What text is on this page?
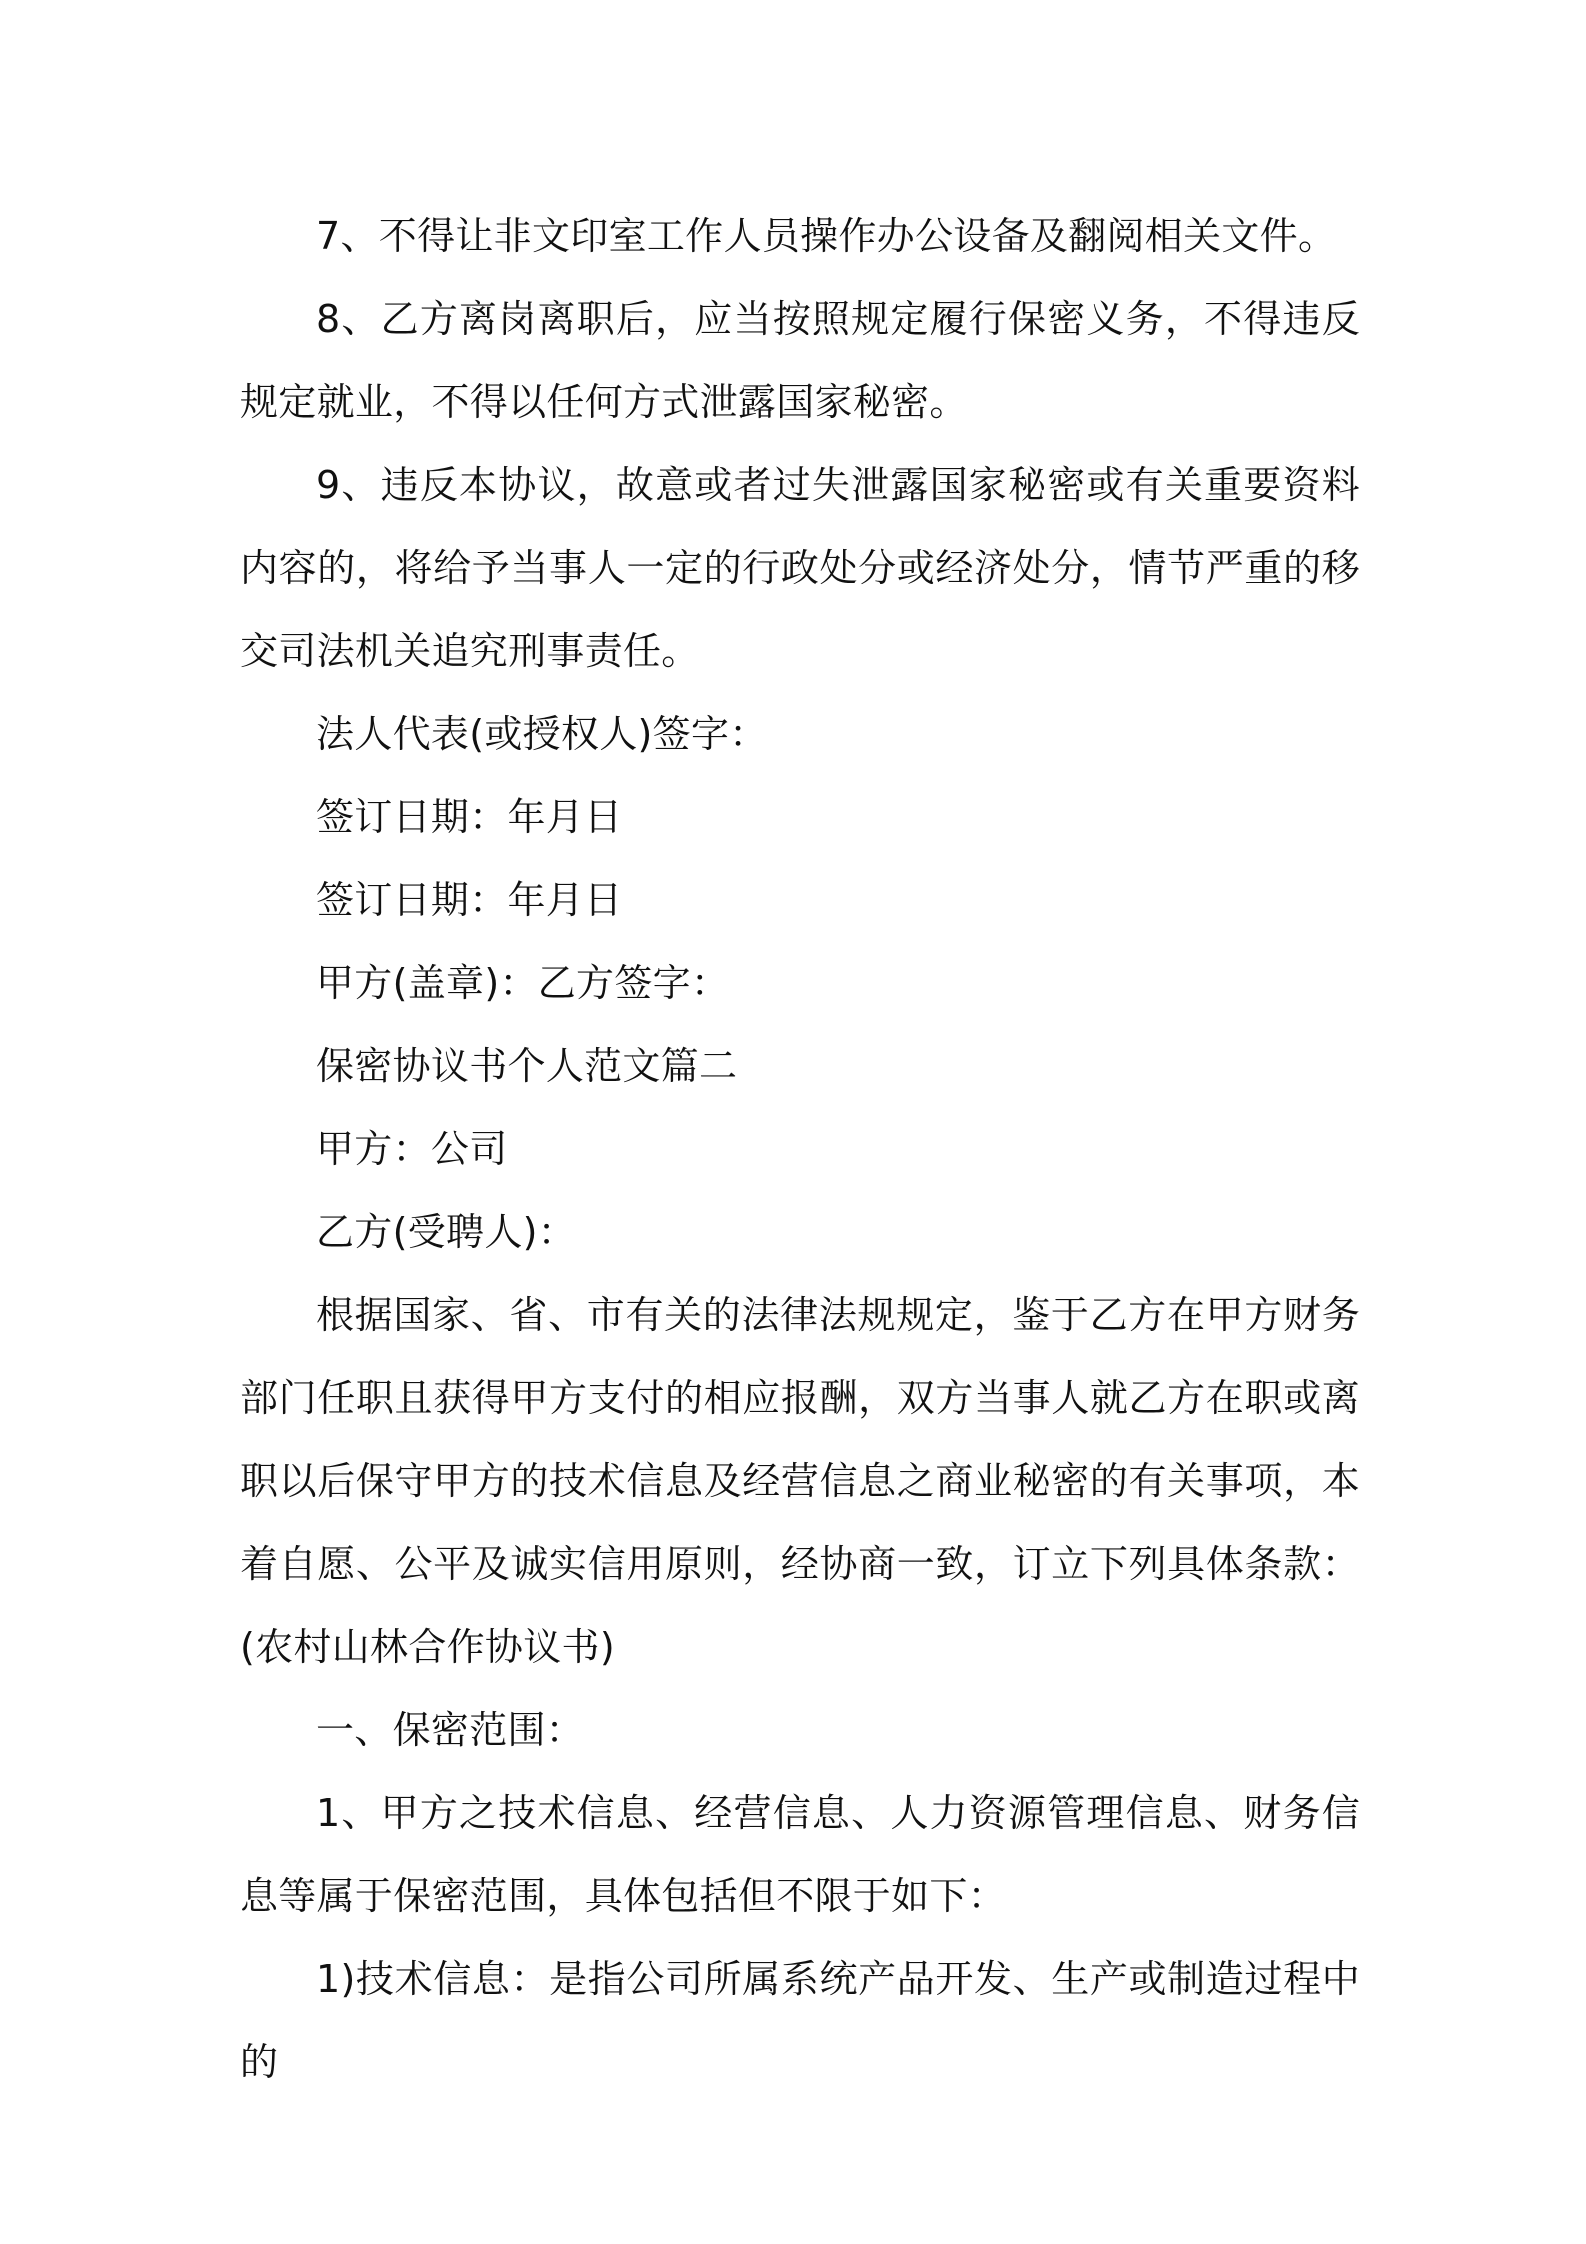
7、不得让非文印室工作人员操作办公设备及翻阅相关文件。

8、乙方离岗离职后，应当按照规定履行保密义务，不得违反规定就业，不得以任何方式泄露国家秘密。

9、违反本协议，故意或者过失泄露国家秘密或有关重要资料内容的，将给予当事人一定的行政处分或经济处分，情节严重的移交司法机关追究刑事责任。

法人代表(或授权人)签字：

签订日期：年月日

签订日期：年月日

甲方(盖章)：乙方签字：

保密协议书个人范文篇二

甲方：公司

乙方(受聘人)：

根据国家、省、市有关的法律法规规定，鉴于乙方在甲方财务部门任职且获得甲方支付的相应报酬，双方当事人就乙方在职或离职以后保守甲方的技术信息及经营信息之商业秘密的有关事项，本着自愿、公平及诚实信用原则，经协商一致，订立下列具体条款：(农村山林合作协议书)

一、保密范围：

1、甲方之技术信息、经营信息、人力资源管理信息、财务信息等属于保密范围，具体包括但不限于如下：

1)技术信息：是指公司所属系统产品开发、生产或制造过程中的
